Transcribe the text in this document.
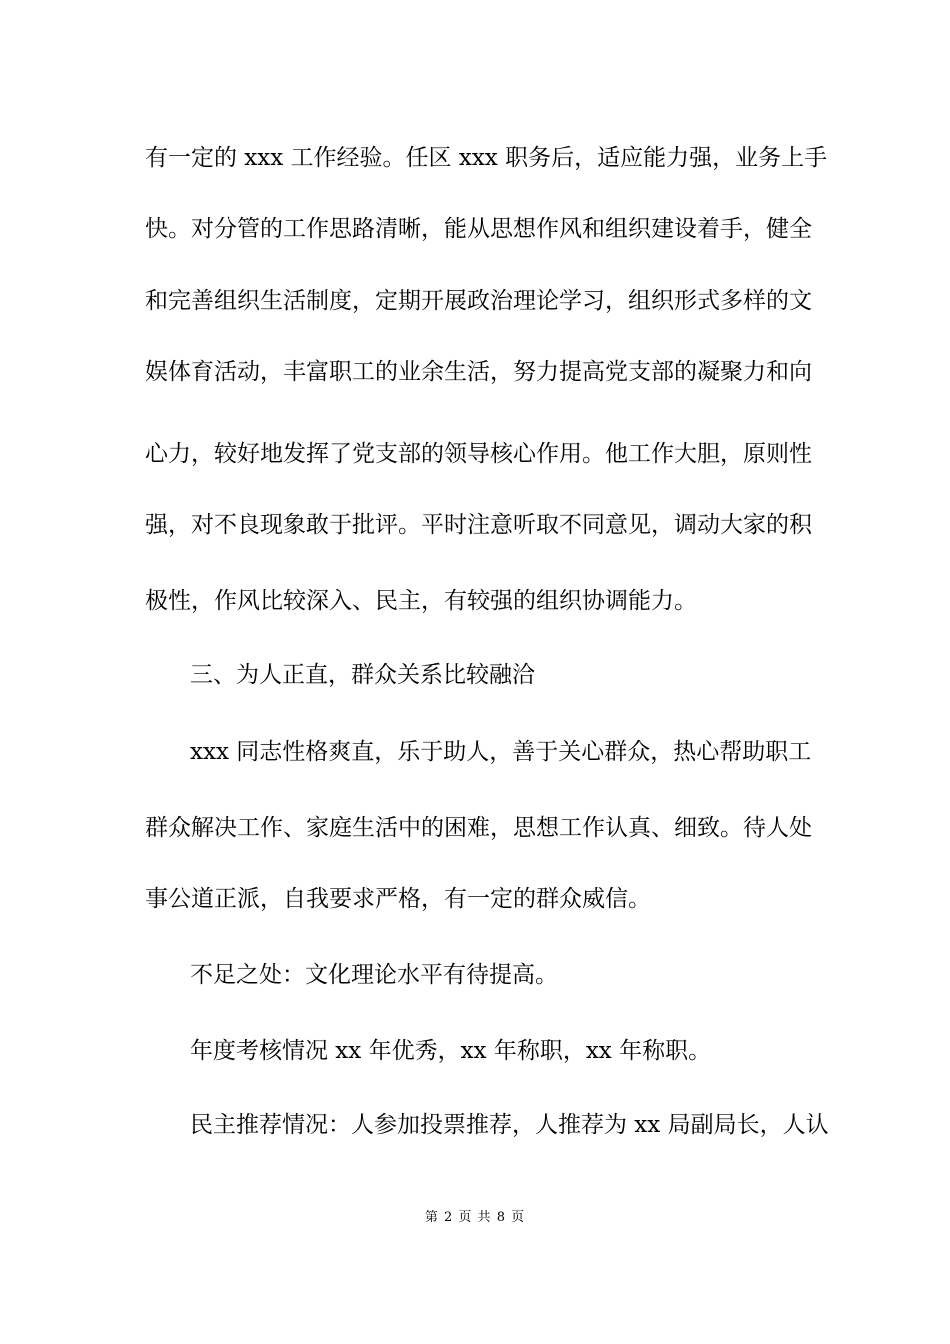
有一定的 xxx 工作经验。任区 xxx 职务后，适应能力强，业务上手
快。对分管的工作思路清晰，能从思想作风和组织建设着手，健全
和完善组织生活制度，定期开展政治理论学习，组织形式多样的文
娱体育活动，丰富职工的业余生活，努力提高党支部的凝聚力和向
心力，较好地发挥了党支部的领导核心作用。他工作大胆，原则性
强，对不良现象敢于批评。平时注意听取不同意见，调动大家的积
极性，作风比较深入、民主，有较强的组织协调能力。
三、为人正直，群众关系比较融洽
xxx 同志性格爽直，乐于助人，善于关心群众，热心帮助职工
群众解决工作、家庭生活中的困难，思想工作认真、细致。待人处
事公道正派，自我要求严格，有一定的群众威信。
不足之处：文化理论水平有待提高。
年度考核情况 xx 年优秀，xx 年称职，xx 年称职。
民主推荐情况：人参加投票推荐，人推荐为 xx 局副局长，人认
第 2 页 共 8 页
